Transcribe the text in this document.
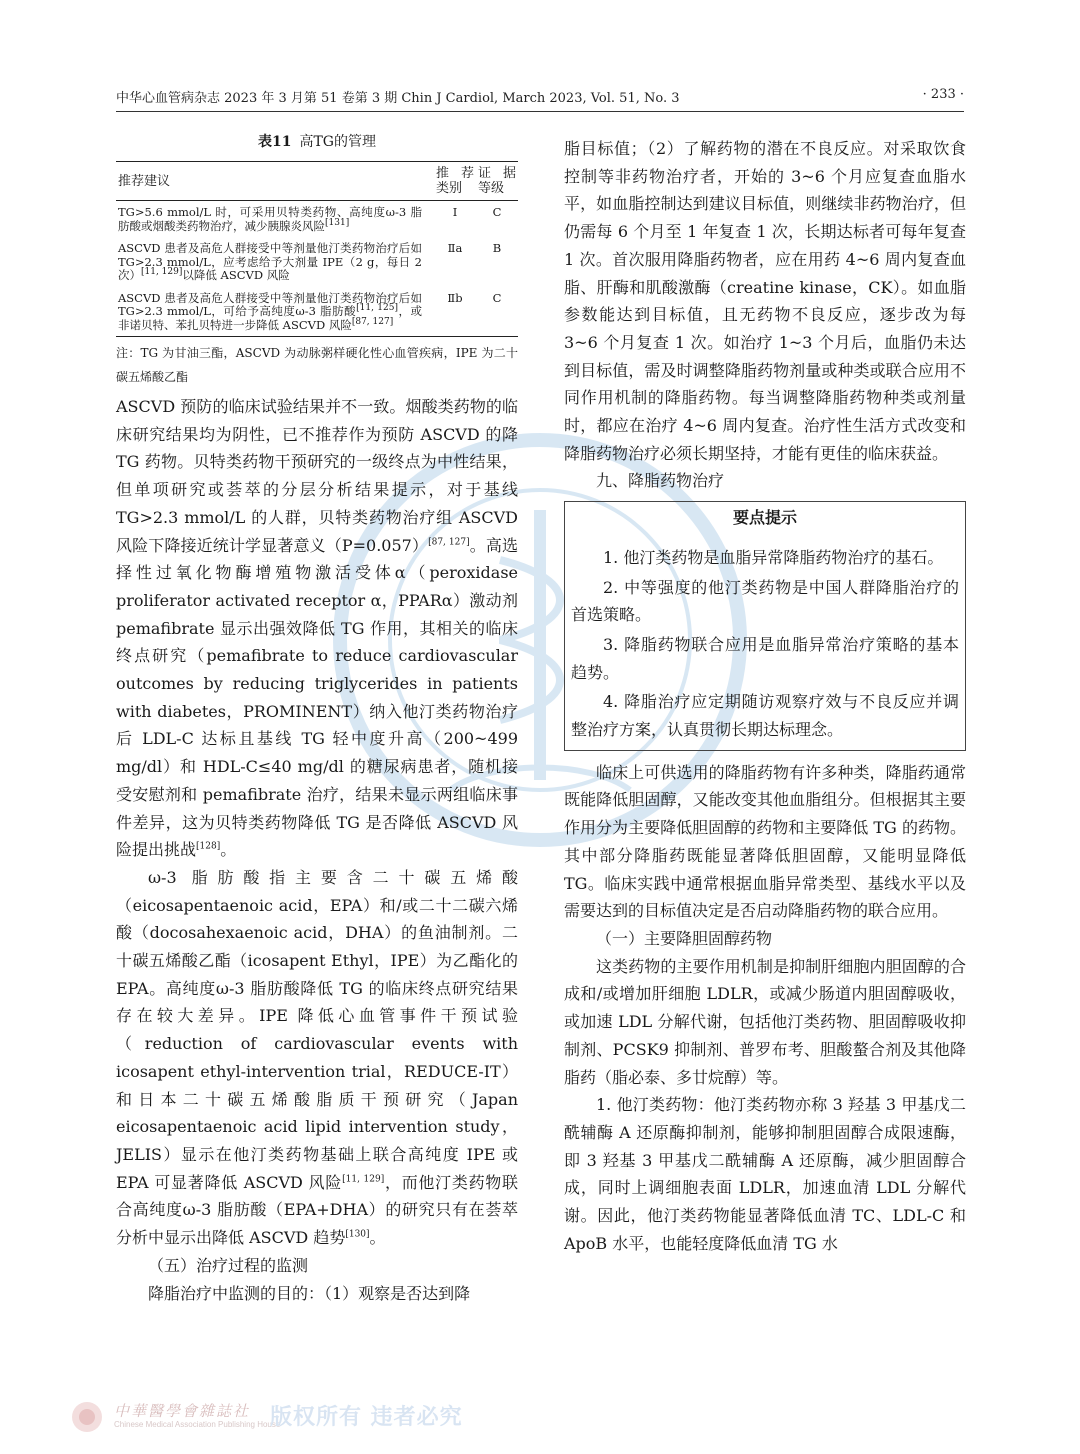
中华心血管病杂志 2023 年 3 月第 51 卷第 3 期 Chin J Cardiol, March 2023, Vol. 51, No. 3	· 233 ·
表11 高TG的管理
推荐建议	推荐类别	证据等级
TG>5.6 mmol/L 时，可采用贝特类药物、高纯度ω-3 脂肪酸或烟酸类药物治疗，减少胰腺炎风险[131]	Ⅰ	C
ASCVD 患者及高危人群接受中等剂量他汀类药物治疗后如 TG>2.3 mmol/L，应考虑给予大剂量 IPE（2 g，每日 2 次）[11, 129]以降低 ASCVD 风险	Ⅱa	B
ASCVD 患者及高危人群接受中等剂量他汀类药物治疗后如 TG>2.3 mmol/L，可给予高纯度ω-3 脂肪酸[11, 125]，或非诺贝特、苯扎贝特进一步降低 ASCVD 风险[87, 127]	Ⅱb	C
注：TG 为甘油三酯，ASCVD 为动脉粥样硬化性心血管疾病，IPE 为二十碳五烯酸乙酯

ASCVD 预防的临床试验结果并不一致。烟酸类药物的临床研究结果均为阴性，已不推荐作为预防 ASCVD 的降 TG 药物。贝特类药物干预研究的一级终点为中性结果，但单项研究或荟萃的分层分析结果提示，对于基线 TG>2.3 mmol/L 的人群，贝特类药物治疗组 ASCVD 风险下降接近统计学显著意义（P=0.057）[87, 127]。高选择性过氧化物酶增殖物激活受体α（peroxidase proliferator activated receptor α，PPARα）激动剂 pemafibrate 显示出强效降低 TG 作用，其相关的临床终点研究（pemafibrate to reduce cardiovascular outcomes by reducing triglycerides in patients with diabetes，PROMINENT）纳入他汀类药物治疗后 LDL-C 达标且基线 TG 轻中度升高（200~499 mg/dl）和 HDL-C≤40 mg/dl 的糖尿病患者，随机接受安慰剂和 pemafibrate 治疗，结果未显示两组临床事件差异，这为贝特类药物降低 TG 是否降低 ASCVD 风险提出挑战[128]。

ω-3 脂肪酸指主要含二十碳五烯酸（eicosapentaenoic acid，EPA）和/或二十二碳六烯酸（docosahexaenoic acid，DHA）的鱼油制剂。二十碳五烯酸乙酯（icosapent Ethyl，IPE）为乙酯化的 EPA。高纯度ω-3 脂肪酸降低 TG 的临床终点研究结果存在较大差异。IPE 降低心血管事件干预试验（reduction of cardiovascular events with icosapent ethyl-intervention trial，REDUCE-IT）和日本二十碳五烯酸脂质干预研究（Japan eicosapentaenoic acid lipid intervention study，JELIS）显示在他汀类药物基础上联合高纯度 IPE 或 EPA 可显著降低 ASCVD 风险[11, 129]，而他汀类药物联合高纯度ω-3 脂肪酸（EPA+DHA）的研究只有在荟萃分析中显示出降低 ASCVD 趋势[130]。

（五）治疗过程的监测

降脂治疗中监测的目的：（1）观察是否达到降

脂目标值；（2）了解药物的潜在不良反应。对采取饮食控制等非药物治疗者，开始的 3~6 个月应复查血脂水平，如血脂控制达到建议目标值，则继续非药物治疗，但仍需每 6 个月至 1 年复查 1 次，长期达标者可每年复查 1 次。首次服用降脂药物者，应在用药 4~6 周内复查血脂、肝酶和肌酸激酶（creatine kinase，CK）。如血脂参数能达到目标值，且无药物不良反应，逐步改为每 3~6 个月复查 1 次。如治疗 1~3 个月后，血脂仍未达到目标值，需及时调整降脂药物剂量或种类或联合应用不同作用机制的降脂药物。每当调整降脂药物种类或剂量时，都应在治疗 4~6 周内复查。治疗性生活方式改变和降脂药物治疗必须长期坚持，才能有更佳的临床获益。

九、降脂药物治疗

要点提示

1. 他汀类药物是血脂异常降脂药物治疗的基石。

2. 中等强度的他汀类药物是中国人群降脂治疗的首选策略。

3. 降脂药物联合应用是血脂异常治疗策略的基本趋势。

4. 降脂治疗应定期随访观察疗效与不良反应并调整治疗方案，认真贯彻长期达标理念。

临床上可供选用的降脂药物有许多种类，降脂药通常既能降低胆固醇，又能改变其他血脂组分。但根据其主要作用分为主要降低胆固醇的药物和主要降低 TG 的药物。其中部分降脂药既能显著降低胆固醇，又能明显降低 TG。临床实践中通常根据血脂异常类型、基线水平以及需要达到的目标值决定是否启动降脂药物的联合应用。

（一）主要降胆固醇药物

这类药物的主要作用机制是抑制肝细胞内胆固醇的合成和/或增加肝细胞 LDLR，或减少肠道内胆固醇吸收，或加速 LDL 分解代谢，包括他汀类药物、胆固醇吸收抑制剂、PCSK9 抑制剂、普罗布考、胆酸螯合剂及其他降脂药（脂必泰、多廿烷醇）等。

1. 他汀类药物：他汀类药物亦称 3 羟基 3 甲基戊二酰辅酶 A 还原酶抑制剂，能够抑制胆固醇合成限速酶，即 3 羟基 3 甲基戊二酰辅酶 A 还原酶，减少胆固醇合成，同时上调细胞表面 LDLR，加速血清 LDL 分解代谢。因此，他汀类药物能显著降低血清 TC、LDL-C 和 ApoB 水平，也能轻度降低血清 TG 水

中華醫學會雜誌社
Chinese Medical Association Publishing House
版权所有 违者必究
